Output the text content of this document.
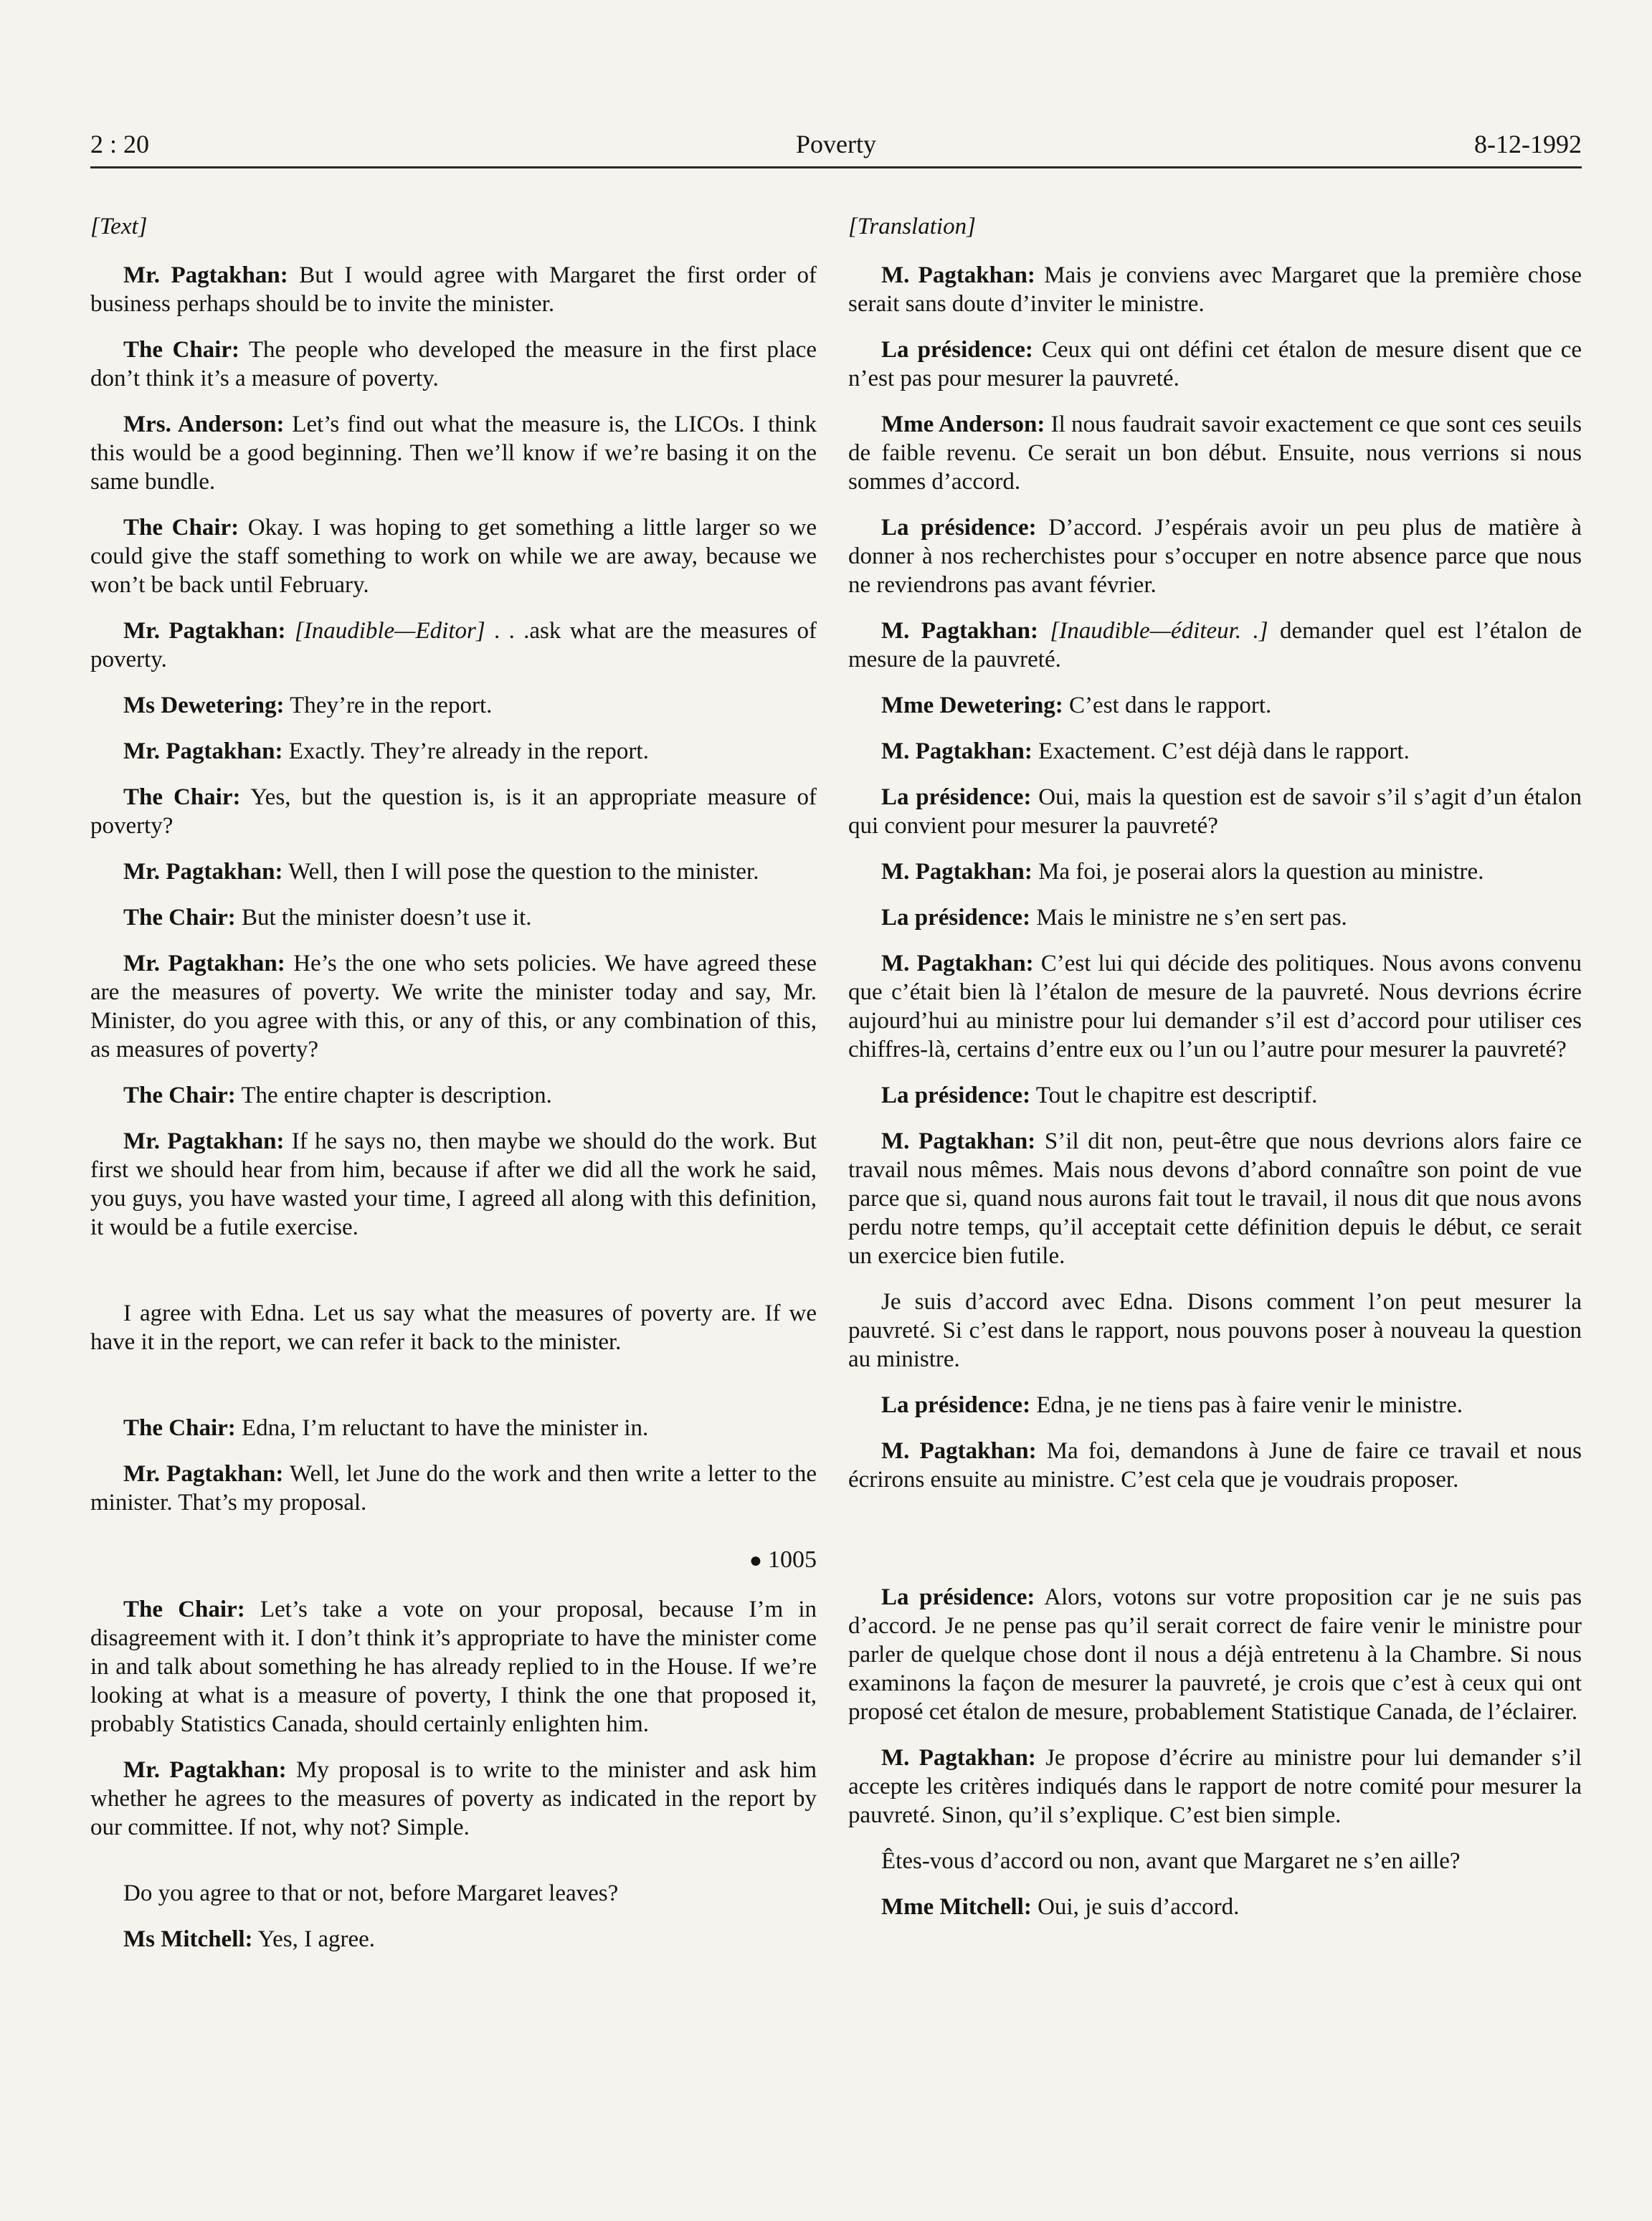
2 : 20	Poverty	8-12-1992
[Text]

Mr. Pagtakhan: But I would agree with Margaret the first order of business perhaps should be to invite the minister.

The Chair: The people who developed the measure in the first place don’t think it’s a measure of poverty.

Mrs. Anderson: Let’s find out what the measure is, the LICOs. I think this would be a good beginning. Then we’ll know if we’re basing it on the same bundle.

The Chair: Okay. I was hoping to get something a little larger so we could give the staff something to work on while we are away, because we won’t be back until February.

Mr. Pagtakhan: [Inaudible—Editor] . . .ask what are the measures of poverty.

Ms Dewetering: They’re in the report.

Mr. Pagtakhan: Exactly. They’re already in the report.

The Chair: Yes, but the question is, is it an appropriate measure of poverty?

Mr. Pagtakhan: Well, then I will pose the question to the minister.

The Chair: But the minister doesn’t use it.

Mr. Pagtakhan: He’s the one who sets policies. We have agreed these are the measures of poverty. We write the minister today and say, Mr. Minister, do you agree with this, or any of this, or any combination of this, as measures of poverty?

The Chair: The entire chapter is description.

Mr. Pagtakhan: If he says no, then maybe we should do the work. But first we should hear from him, because if after we did all the work he said, you guys, you have wasted your time, I agreed all along with this definition, it would be a futile exercise.

I agree with Edna. Let us say what the measures of poverty are. If we have it in the report, we can refer it back to the minister.

The Chair: Edna, I’m reluctant to have the minister in.

Mr. Pagtakhan: Well, let June do the work and then write a letter to the minister. That’s my proposal.

● 1005

The Chair: Let’s take a vote on your proposal, because I’m in disagreement with it. I don’t think it’s appropriate to have the minister come in and talk about something he has already replied to in the House. If we’re looking at what is a measure of poverty, I think the one that proposed it, probably Statistics Canada, should certainly enlighten him.

Mr. Pagtakhan: My proposal is to write to the minister and ask him whether he agrees to the measures of poverty as indicated in the report by our committee. If not, why not? Simple.

Do you agree to that or not, before Margaret leaves?

Ms Mitchell: Yes, I agree.

[Translation]

M. Pagtakhan: Mais je conviens avec Margaret que la première chose serait sans doute d’inviter le ministre.

La présidence: Ceux qui ont défini cet étalon de mesure disent que ce n’est pas pour mesurer la pauvreté.

Mme Anderson: Il nous faudrait savoir exactement ce que sont ces seuils de faible revenu. Ce serait un bon début. Ensuite, nous verrions si nous sommes d’accord.

La présidence: D’accord. J’espérais avoir un peu plus de matière à donner à nos recherchistes pour s’occuper en notre absence parce que nous ne reviendrons pas avant février.

M. Pagtakhan: [Inaudible—éditeur. .] demander quel est l’étalon de mesure de la pauvreté.

Mme Dewetering: C’est dans le rapport.

M. Pagtakhan: Exactement. C’est déjà dans le rapport.

La présidence: Oui, mais la question est de savoir s’il s’agit d’un étalon qui convient pour mesurer la pauvreté?

M. Pagtakhan: Ma foi, je poserai alors la question au ministre.

La présidence: Mais le ministre ne s’en sert pas.

M. Pagtakhan: C’est lui qui décide des politiques. Nous avons convenu que c’était bien là l’étalon de mesure de la pauvreté. Nous devrions écrire aujourd’hui au ministre pour lui demander s’il est d’accord pour utiliser ces chiffres-là, certains d’entre eux ou l’un ou l’autre pour mesurer la pauvreté?

La présidence: Tout le chapitre est descriptif.

M. Pagtakhan: S’il dit non, peut-être que nous devrions alors faire ce travail nous mêmes. Mais nous devons d’abord connaître son point de vue parce que si, quand nous aurons fait tout le travail, il nous dit que nous avons perdu notre temps, qu’il acceptait cette définition depuis le début, ce serait un exercice bien futile.

Je suis d’accord avec Edna. Disons comment l’on peut mesurer la pauvreté. Si c’est dans le rapport, nous pouvons poser à nouveau la question au ministre.

La présidence: Edna, je ne tiens pas à faire venir le ministre.

M. Pagtakhan: Ma foi, demandons à June de faire ce travail et nous écrirons ensuite au ministre. C’est cela que je voudrais proposer.

La présidence: Alors, votons sur votre proposition car je ne suis pas d’accord. Je ne pense pas qu’il serait correct de faire venir le ministre pour parler de quelque chose dont il nous a déjà entretenu à la Chambre. Si nous examinons la façon de mesurer la pauvreté, je crois que c’est à ceux qui ont proposé cet étalon de mesure, probablement Statistique Canada, de l’éclairer.

M. Pagtakhan: Je propose d’écrire au ministre pour lui demander s’il accepte les critères indiqués dans le rapport de notre comité pour mesurer la pauvreté. Sinon, qu’il s’explique. C’est bien simple.

Êtes-vous d’accord ou non, avant que Margaret ne s’en aille?

Mme Mitchell: Oui, je suis d’accord.
